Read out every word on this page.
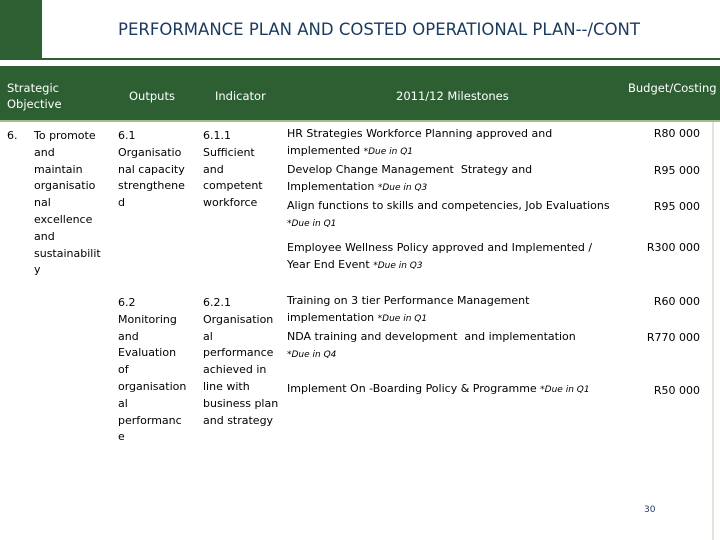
PERFORMANCE PLAN AND COSTED OPERATIONAL PLAN--/CONT
Strategic
Objective
Outputs	Indicator	2011/12 Milestones
Budget/Costing
6. To promote
and
maintain
organisatio
nal
excellence
and
sustainabilit
y
6.1
Organisatio
nal capacity
strengthene
d
6.2
Monitoring
and
Evaluation
of
organisation
al
performanc
e
6.1.1
Sufficient
and
competent
workforce
6.2.1
Organisation
al
performance
achieved in
line with
business plan
and strategy
HR Strategies Workforce Planning approved and
implemented *Due in Q1
Develop Change Management  Strategy and
Implementation *Due in Q3
Align functions to skills and competencies, Job Evaluations
*Due in Q1
Employee Wellness Policy approved and Implemented /
Year End Event *Due in Q3
Training on 3 tier Performance Management
implementation *Due in Q1
NDA training and development  and implementation
*Due in Q4
Implement On -Boarding Policy & Programme *Due in Q1
R80 000
R95 000
R95 000
R300 000
R60 000
R770 000
R50 000
30
